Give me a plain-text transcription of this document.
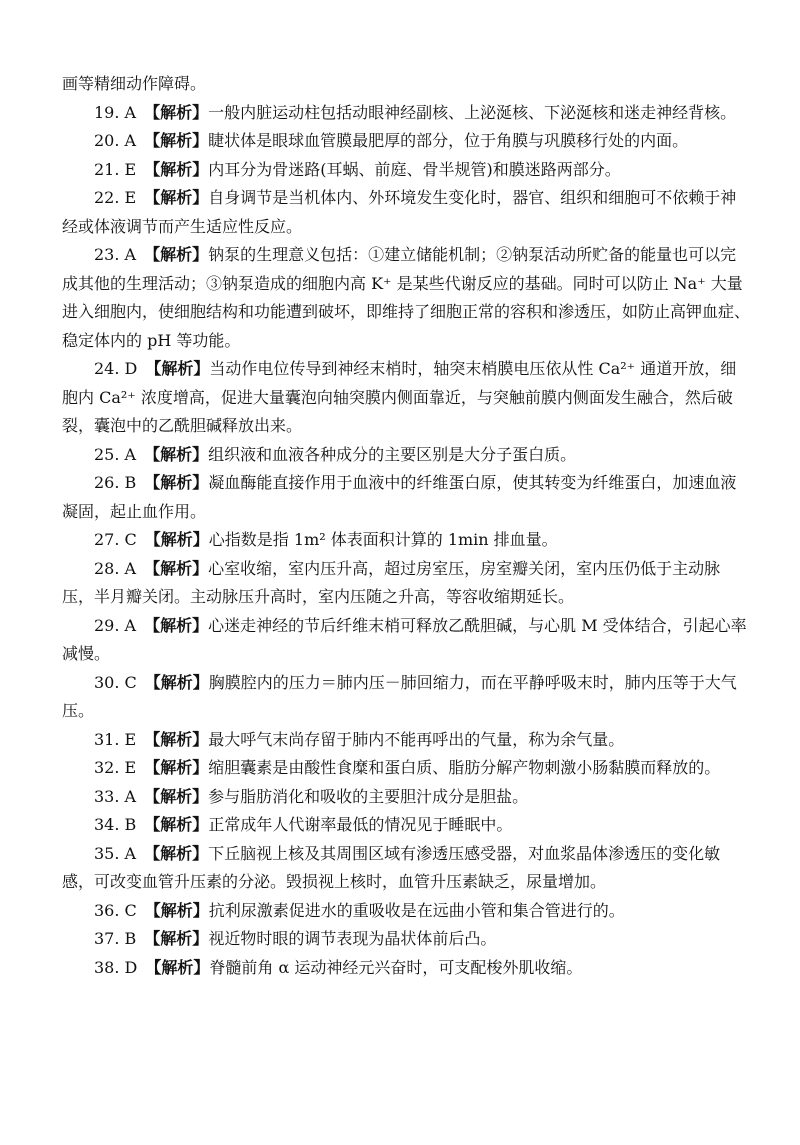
画等精细动作障碍。

19. A 【解析】一般内脏运动柱包括动眼神经副核、上泌涎核、下泌涎核和迷走神经背核。

20. A 【解析】睫状体是眼球血管膜最肥厚的部分，位于角膜与巩膜移行处的内面。

21. E 【解析】内耳分为骨迷路(耳蜗、前庭、骨半规管)和膜迷路两部分。

22. E 【解析】自身调节是当机体内、外环境发生变化时，器官、组织和细胞可不依赖于神经或体液调节而产生适应性反应。

23. A 【解析】钠泵的生理意义包括：①建立储能机制；②钠泵活动所贮备的能量也可以完成其他的生理活动；③钠泵造成的细胞内高 K⁺ 是某些代谢反应的基础。同时可以防止 Na⁺ 大量进入细胞内，使细胞结构和功能遭到破坏，即维持了细胞正常的容积和渗透压，如防止高钾血症、稳定体内的 pH 等功能。

24. D 【解析】当动作电位传导到神经末梢时，轴突末梢膜电压依从性 Ca²⁺ 通道开放，细胞内 Ca²⁺ 浓度增高，促进大量囊泡向轴突膜内侧面靠近，与突触前膜内侧面发生融合，然后破裂，囊泡中的乙酰胆碱释放出来。

25. A 【解析】组织液和血液各种成分的主要区别是大分子蛋白质。

26. B 【解析】凝血酶能直接作用于血液中的纤维蛋白原，使其转变为纤维蛋白，加速血液凝固，起止血作用。

27. C 【解析】心指数是指 1m² 体表面积计算的 1min 排血量。

28. A 【解析】心室收缩，室内压升高，超过房室压，房室瓣关闭，室内压仍低于主动脉压，半月瓣关闭。主动脉压升高时，室内压随之升高，等容收缩期延长。

29. A 【解析】心迷走神经的节后纤维末梢可释放乙酰胆碱，与心肌 M 受体结合，引起心率减慢。

30. C 【解析】胸膜腔内的压力＝肺内压－肺回缩力，而在平静呼吸末时，肺内压等于大气压。

31. E 【解析】最大呼气末尚存留于肺内不能再呼出的气量，称为余气量。

32. E 【解析】缩胆囊素是由酸性食糜和蛋白质、脂肪分解产物刺激小肠黏膜而释放的。

33. A 【解析】参与脂肪消化和吸收的主要胆汁成分是胆盐。

34. B 【解析】正常成年人代谢率最低的情况见于睡眠中。

35. A 【解析】下丘脑视上核及其周围区域有渗透压感受器，对血浆晶体渗透压的变化敏感，可改变血管升压素的分泌。毁损视上核时，血管升压素缺乏，尿量增加。

36. C 【解析】抗利尿激素促进水的重吸收是在远曲小管和集合管进行的。

37. B 【解析】视近物时眼的调节表现为晶状体前后凸。

38. D 【解析】脊髓前角 α 运动神经元兴奋时，可支配梭外肌收缩。
